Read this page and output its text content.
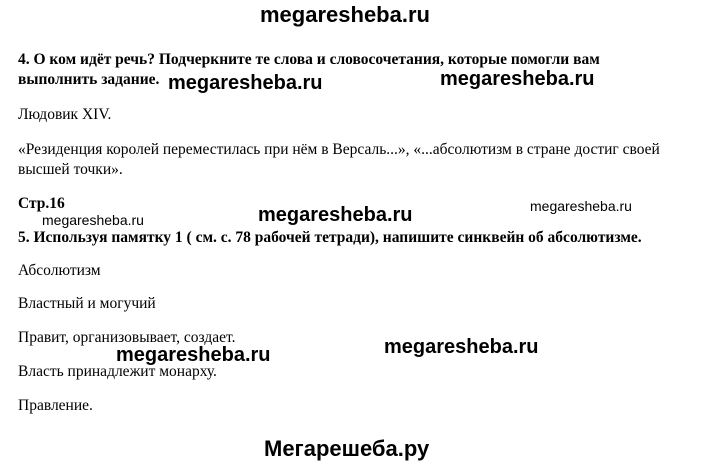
megaresheba.ru
4. О ком идёт речь? Подчеркните те слова и словосочетания, которые помогли вам
выполнить задание. megaresheba.ru	megaresheba.ru
Людовик XIV.
«Резиденция королей переместилась при нём в Версаль...», «...абсолютизм в стране достиг своей
высшей точки».
Стр.16
megaresheba.ru	megaresheba.ru	megaresheba.ru
5. Используя памятку 1 ( см. с. 78 рабочей тетради), напишите синквейн об абсолютизме.
Абсолютизм
Властный и могучий
Правит, организовывает, создает.
Власть принадлежит монарху.
Правление.
megaresheba.ru	megaresheba.ru
Мегарешеба.ру
